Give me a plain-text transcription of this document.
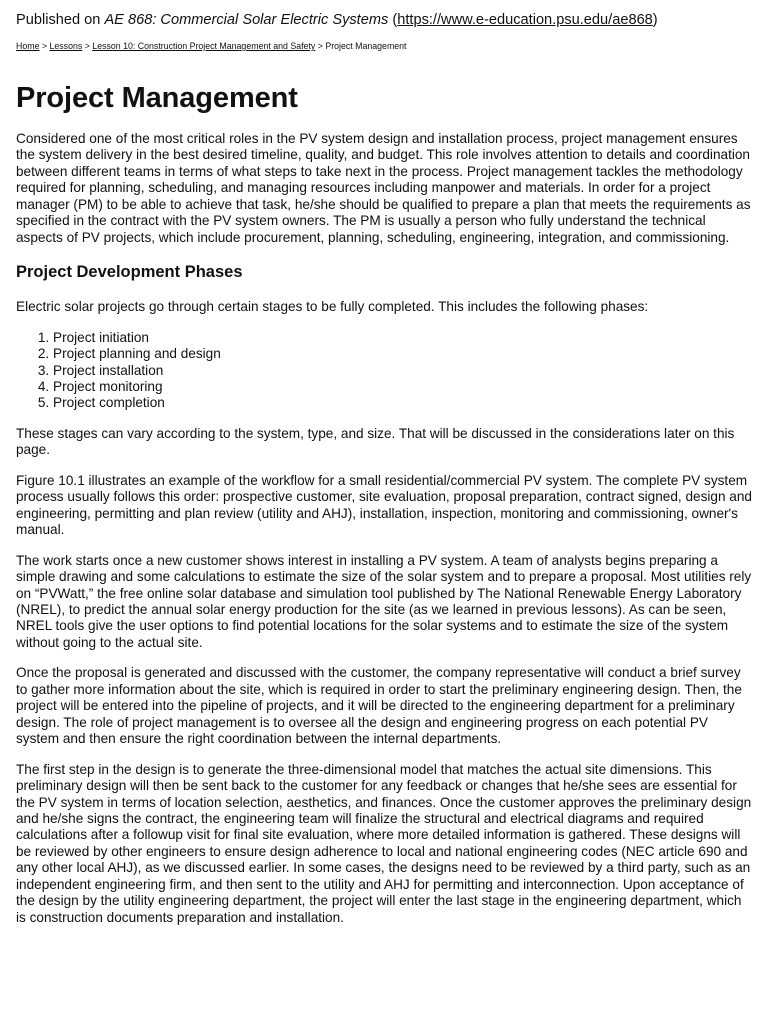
Published on AE 868: Commercial Solar Electric Systems (https://www.e-education.psu.edu/ae868)

Home > Lessons > Lesson 10: Construction Project Management and Safety > Project Management
Project Management

Considered one of the most critical roles in the PV system design and installation process, project management ensures the system delivery in the best desired timeline, quality, and budget. This role involves attention to details and coordination between different teams in terms of what steps to take next in the process. Project management tackles the methodology required for planning, scheduling, and managing resources including manpower and materials. In order for a project manager (PM) to be able to achieve that task, he/she should be qualified to prepare a plan that meets the requirements as specified in the contract with the PV system owners. The PM is usually a person who fully understand the technical aspects of PV projects, which include procurement, planning, scheduling, engineering, integration, and commissioning.

Project Development Phases

Electric solar projects go through certain stages to be fully completed. This includes the following phases:

1. Project initiation
2. Project planning and design
3. Project installation
4. Project monitoring
5. Project completion

These stages can vary according to the system, type, and size. That will be discussed in the considerations later on this page.

Figure 10.1 illustrates an example of the workflow for a small residential/commercial PV system. The complete PV system process usually follows this order: prospective customer, site evaluation, proposal preparation, contract signed, design and engineering, permitting and plan review (utility and AHJ), installation, inspection, monitoring and commissioning, owner's manual.

The work starts once a new customer shows interest in installing a PV system. A team of analysts begins preparing a simple drawing and some calculations to estimate the size of the solar system and to prepare a proposal. Most utilities rely on “PVWatt,” the free online solar database and simulation tool published by The National Renewable Energy Laboratory (NREL), to predict the annual solar energy production for the site (as we learned in previous lessons). As can be seen, NREL tools give the user options to find potential locations for the solar systems and to estimate the size of the system without going to the actual site.

Once the proposal is generated and discussed with the customer, the company representative will conduct a brief survey to gather more information about the site, which is required in order to start the preliminary engineering design. Then, the project will be entered into the pipeline of projects, and it will be directed to the engineering department for a preliminary design. The role of project management is to oversee all the design and engineering progress on each potential PV system and then ensure the right coordination between the internal departments.

The first step in the design is to generate the three-dimensional model that matches the actual site dimensions. This preliminary design will then be sent back to the customer for any feedback or changes that he/she sees are essential for the PV system in terms of location selection, aesthetics, and finances. Once the customer approves the preliminary design and he/she signs the contract, the engineering team will finalize the structural and electrical diagrams and required calculations after a followup visit for final site evaluation, where more detailed information is gathered. These designs will be reviewed by other engineers to ensure design adherence to local and national engineering codes (NEC article 690 and any other local AHJ), as we discussed earlier. In some cases, the designs need to be reviewed by a third party, such as an independent engineering firm, and then sent to the utility and AHJ for permitting and interconnection. Upon acceptance of the design by the utility engineering department, the project will enter the last stage in the engineering department, which is construction documents preparation and installation.
